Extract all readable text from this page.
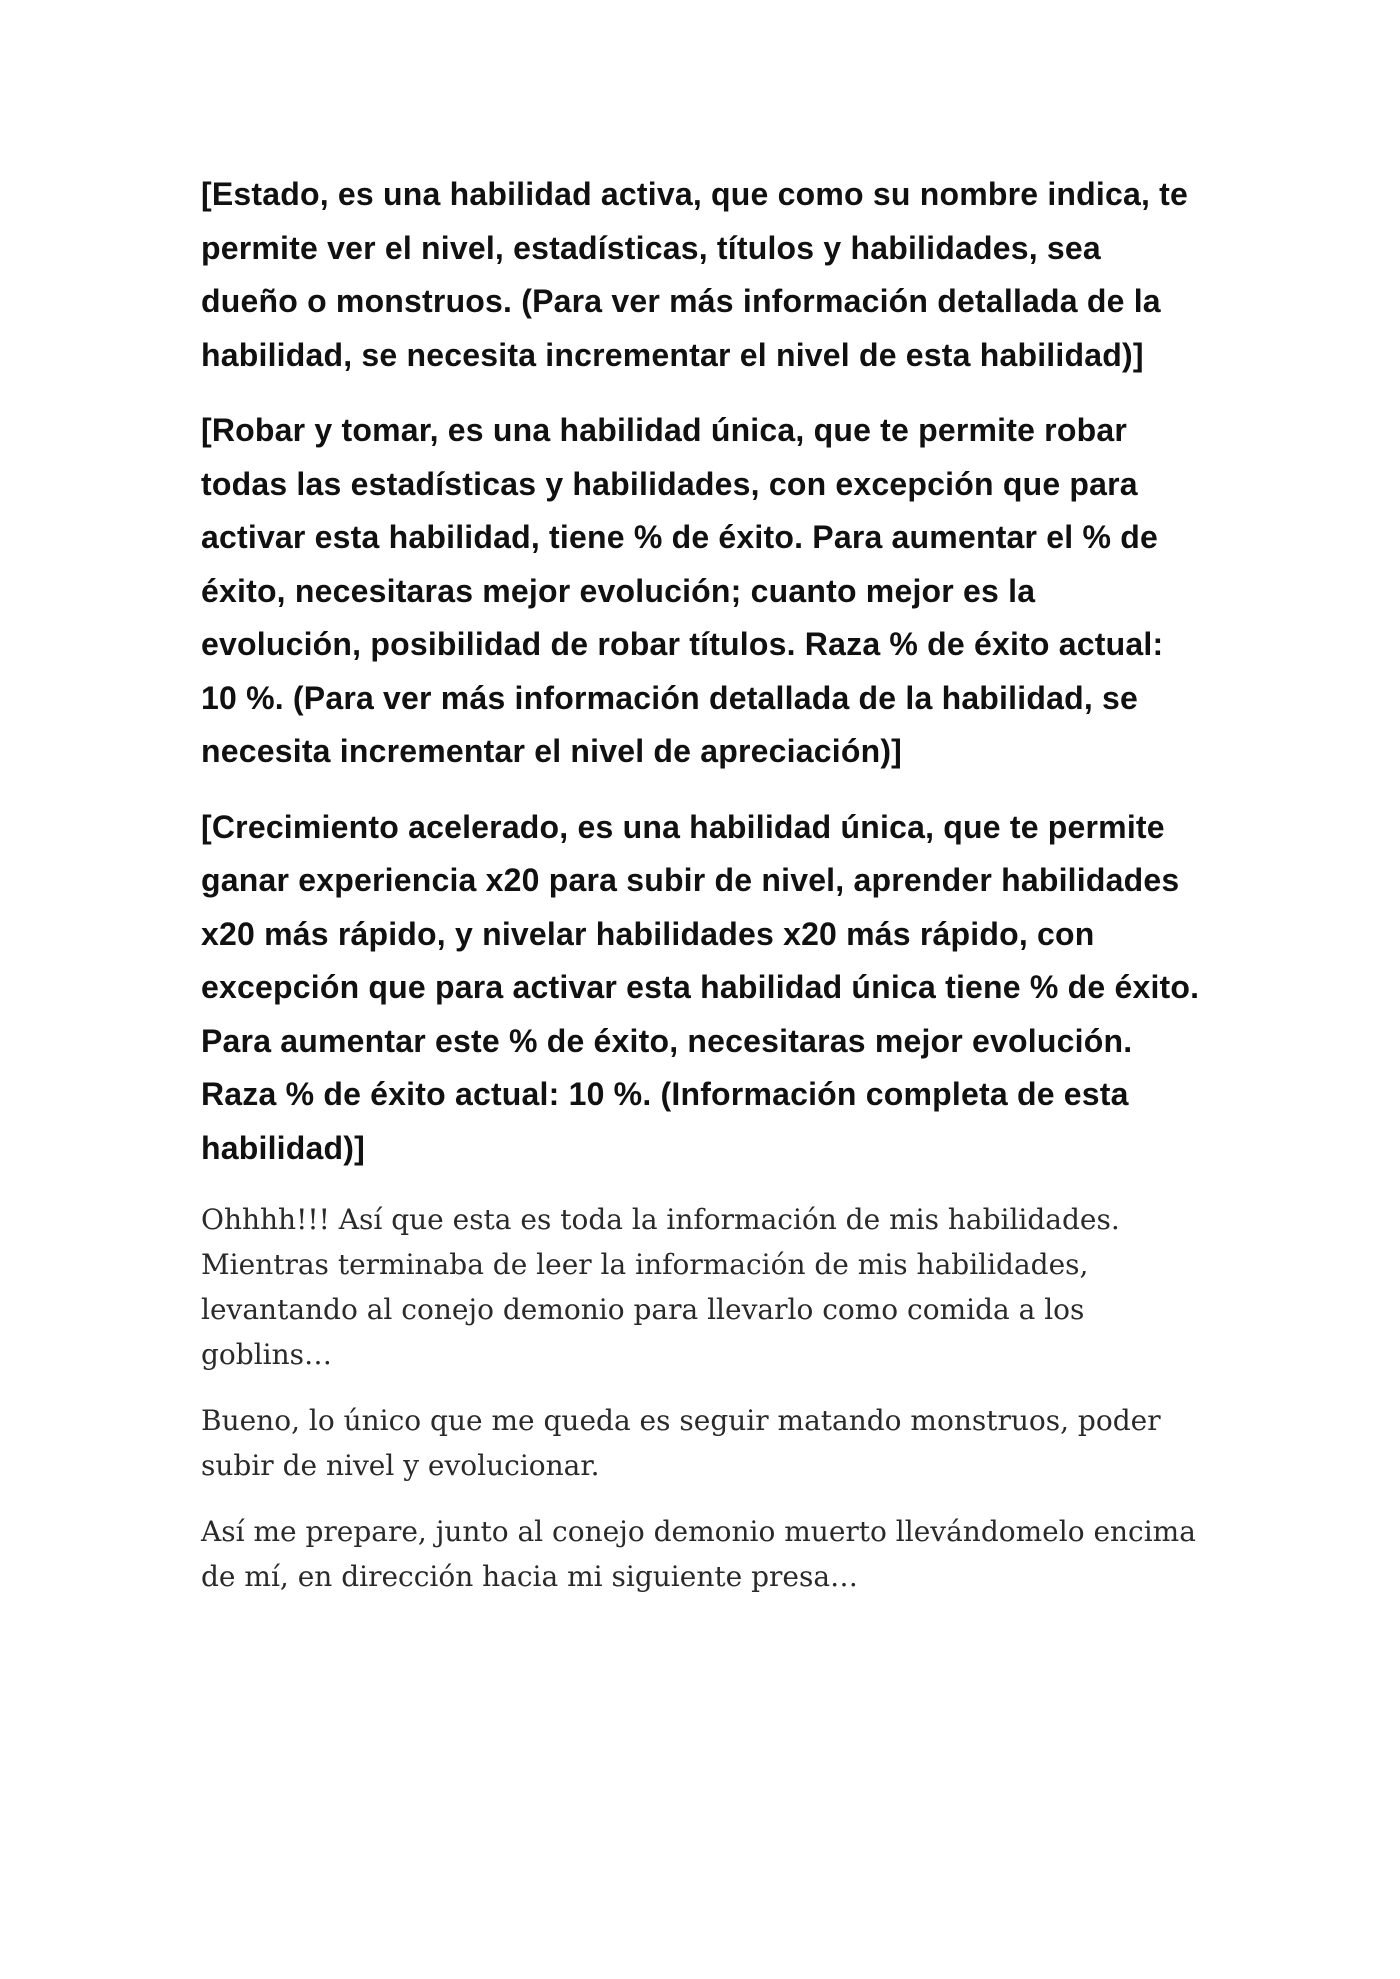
[Estado, es una habilidad activa, que como su nombre indica, te permite ver el nivel, estadísticas, títulos y habilidades, sea dueño o monstruos. (Para ver más información detallada de la habilidad, se necesita incrementar el nivel de esta habilidad)]

[Robar y tomar, es una habilidad única, que te permite robar todas las estadísticas y habilidades, con excepción que para activar esta habilidad, tiene % de éxito. Para aumentar el % de éxito, necesitaras mejor evolución; cuanto mejor es la evolución, posibilidad de robar títulos. Raza % de éxito actual: 10 %. (Para ver más información detallada de la habilidad, se necesita incrementar el nivel de apreciación)]

[Crecimiento acelerado, es una habilidad única, que te permite ganar experiencia x20 para subir de nivel, aprender habilidades x20 más rápido, y nivelar habilidades x20 más rápido, con excepción que para activar esta habilidad única tiene % de éxito. Para aumentar este % de éxito, necesitaras mejor evolución. Raza % de éxito actual: 10 %. (Información completa de esta habilidad)]

Ohhhh!!! Así que esta es toda la información de mis habilidades. Mientras terminaba de leer la información de mis habilidades, levantando al conejo demonio para llevarlo como comida a los goblins…

Bueno, lo único que me queda es seguir matando monstruos, poder subir de nivel y evolucionar.

Así me prepare, junto al conejo demonio muerto llevándomelo encima de mí, en dirección hacia mi siguiente presa…
